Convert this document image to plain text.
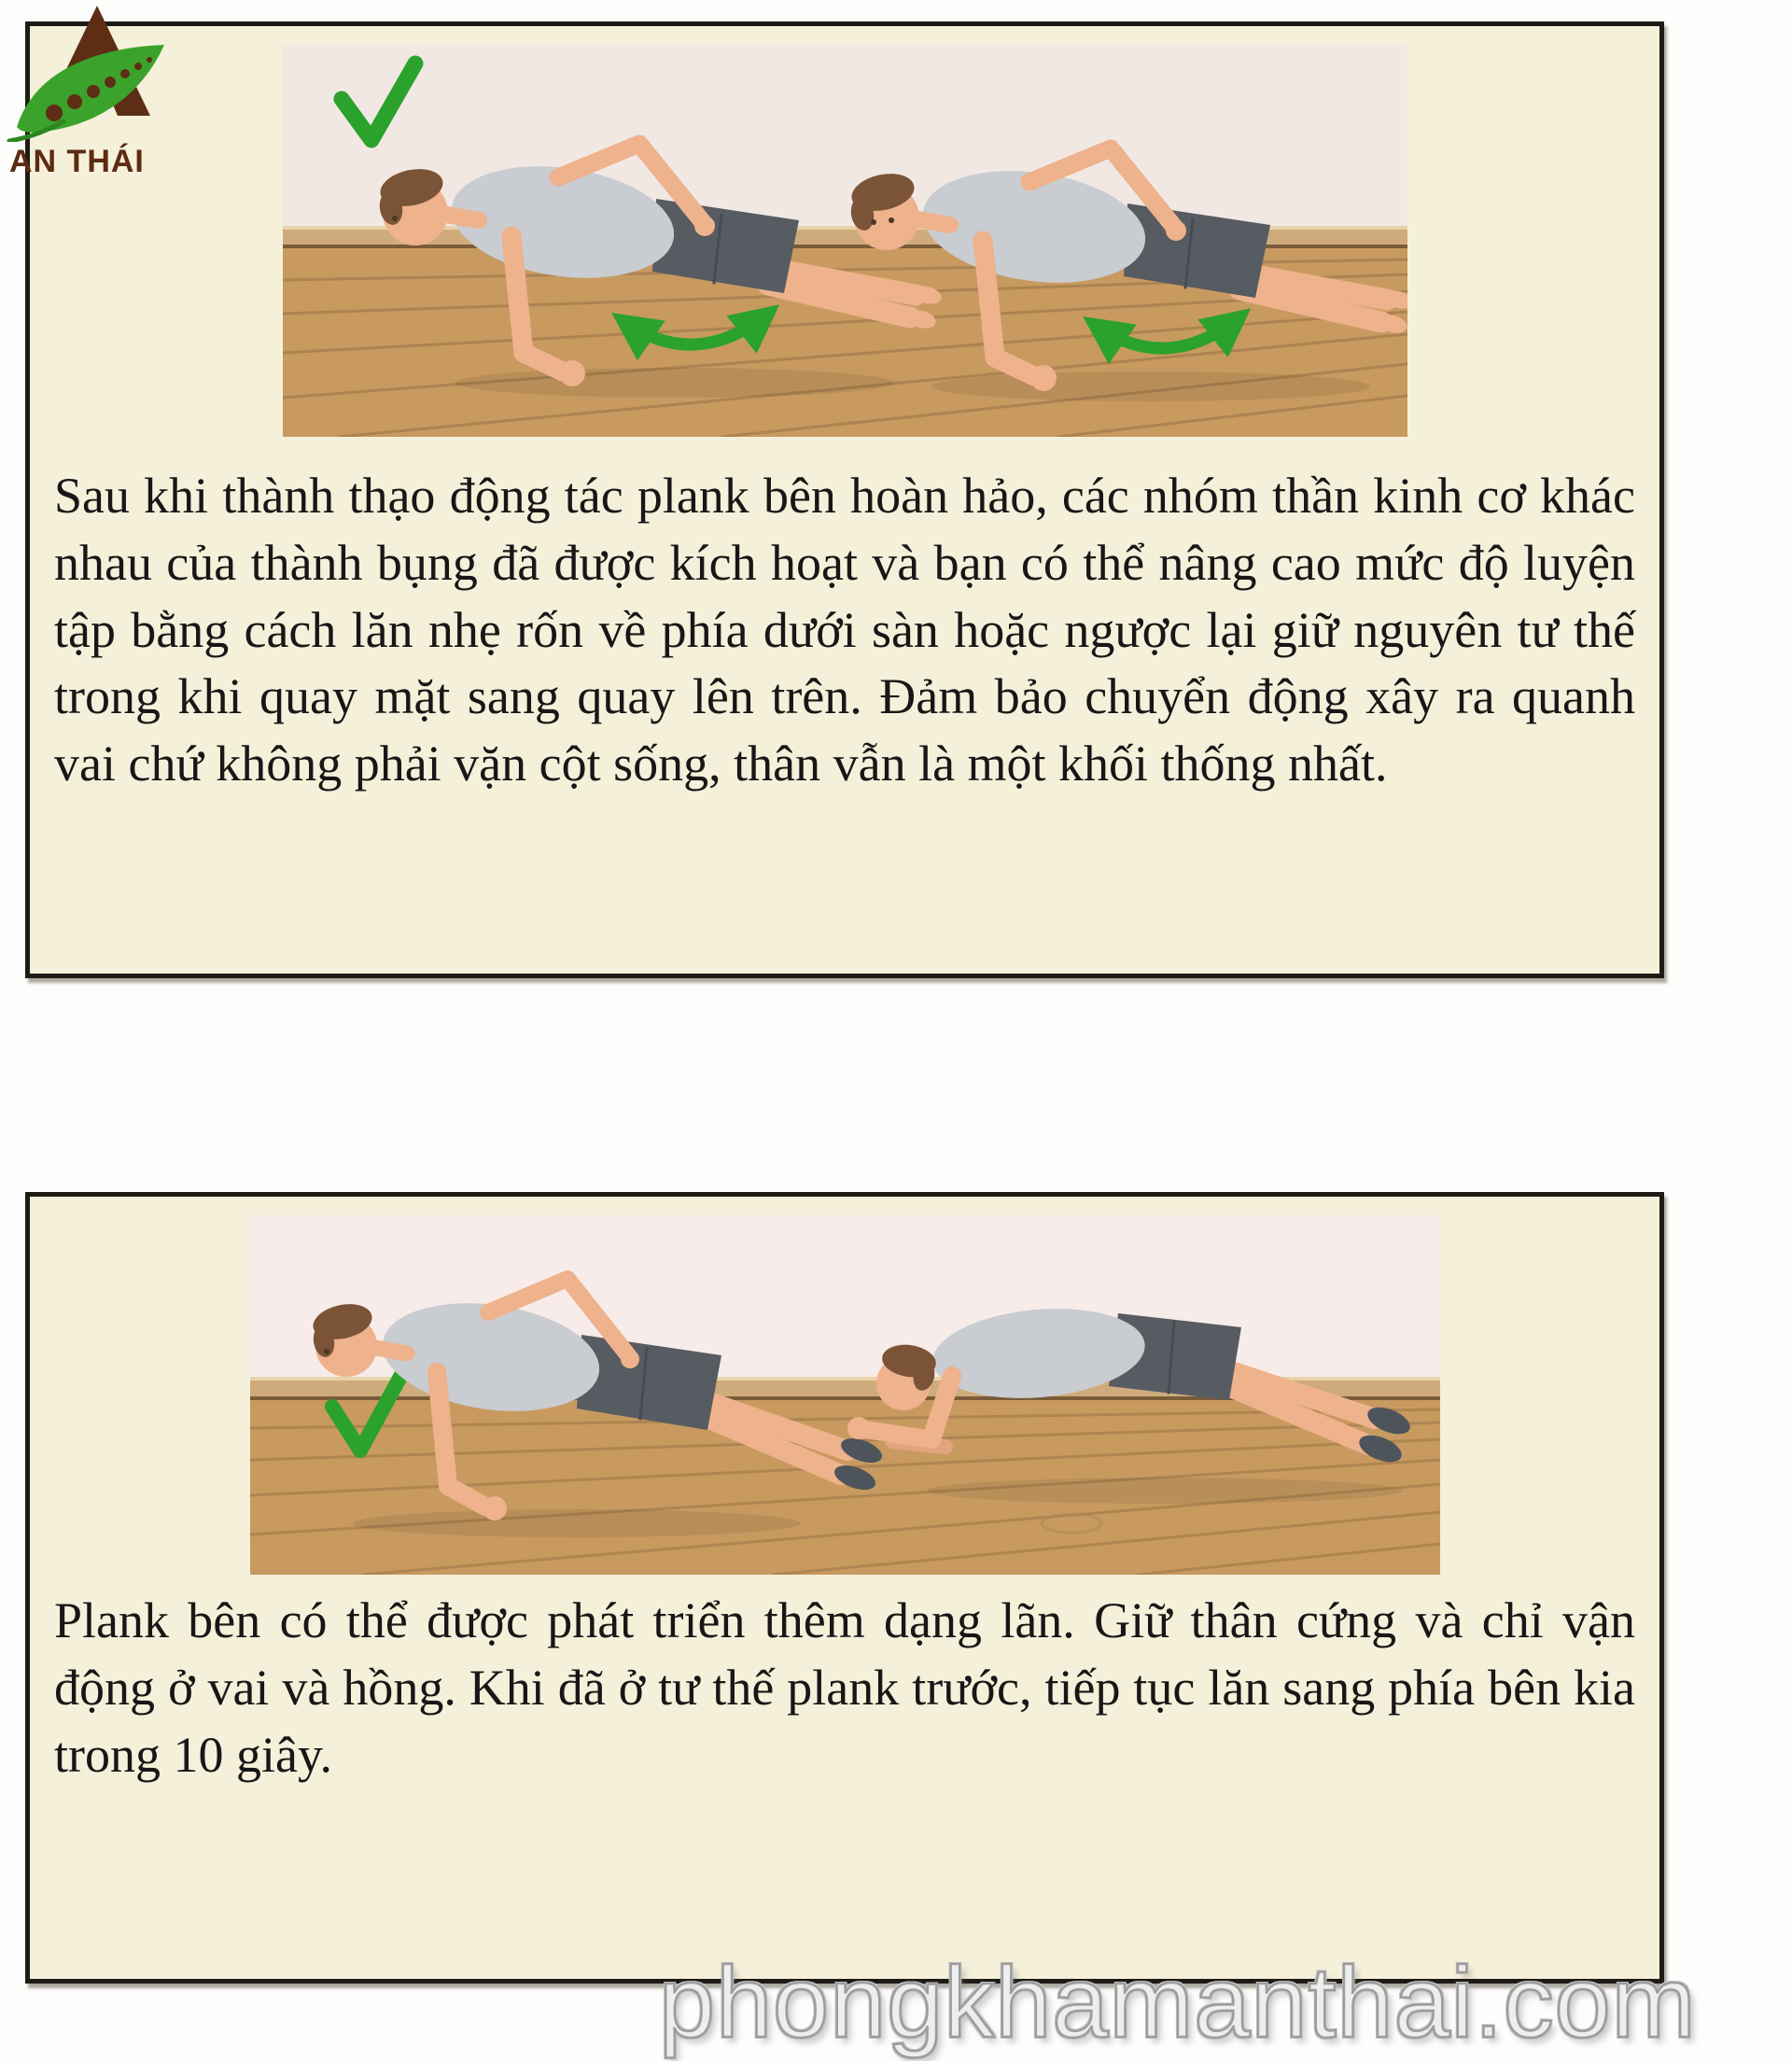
AN THÁI

Sau khi thành thạo động tác plank bên hoàn hảo, các nhóm thần kinh cơ khác nhau của thành bụng đã được kích hoạt và bạn có thể nâng cao mức độ luyện tập bằng cách lăn nhẹ rốn về phía dưới sàn hoặc ngược lại giữ nguyên tư thế trong khi quay mặt sang quay lên trên. Đảm bảo chuyển động xây ra quanh vai chứ không phải vặn cột sống, thân vẫn là một khối thống nhất.

Plank bên có thể được phát triển thêm dạng lãn. Giữ thân cứng và chỉ vận động ở vai và hồng. Khi đã ở tư thế plank trước, tiếp tục lăn sang phía bên kia trong 10 giây.

phongkhamanthai.com
